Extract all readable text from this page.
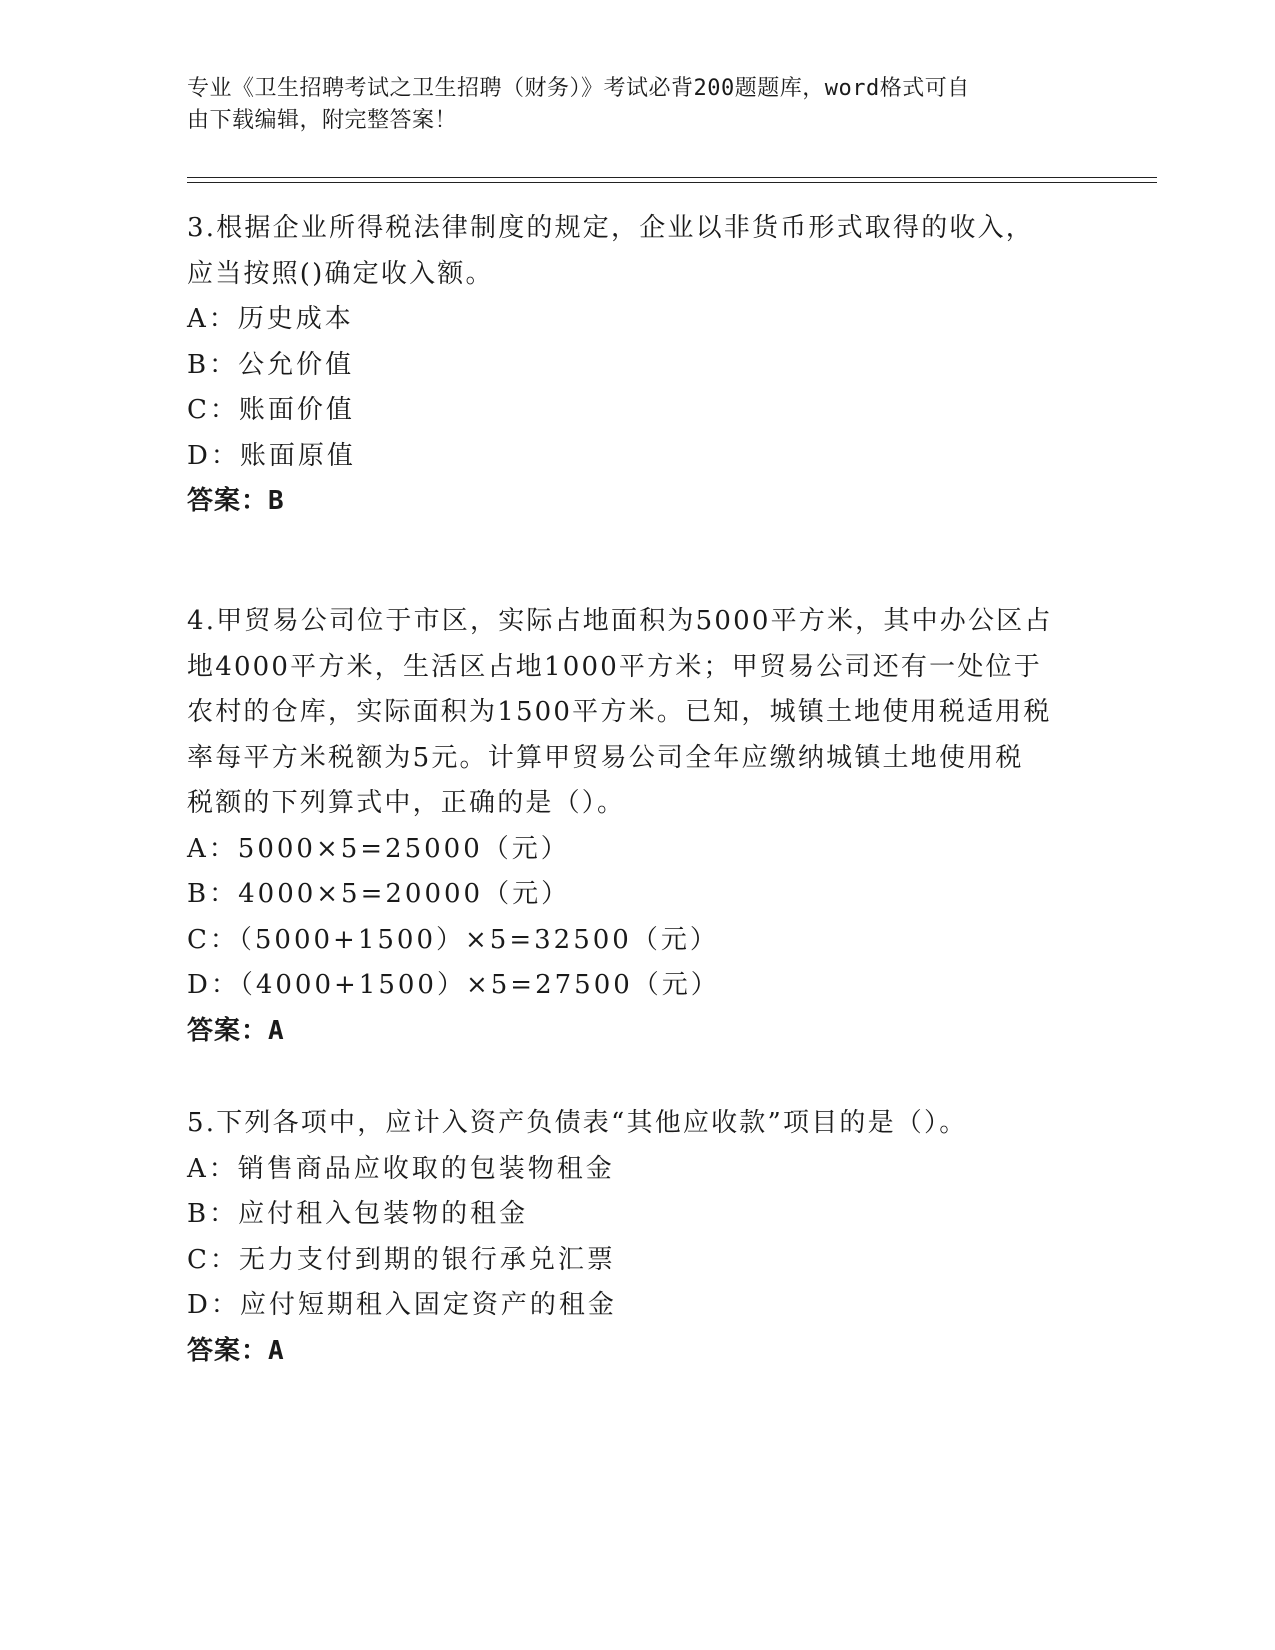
专业《卫生招聘考试之卫生招聘（财务）》考试必背200题题库，word格式可自
由下载编辑，附完整答案！

3.根据企业所得税法律制度的规定，企业以非货币形式取得的收入，

应当按照()确定收入额。

A：历史成本

B：公允价值

C：账面价值

D：账面原值

答案：B

4.甲贸易公司位于市区，实际占地面积为5000平方米，其中办公区占

地4000平方米，生活区占地1000平方米；甲贸易公司还有一处位于

农村的仓库，实际面积为1500平方米。已知，城镇土地使用税适用税

率每平方米税额为5元。计算甲贸易公司全年应缴纳城镇土地使用税

税额的下列算式中，正确的是（）。

A：5000×5=25000（元）

B：4000×5=20000（元）

C：（5000+1500）×5=32500（元）

D：（4000+1500）×5=27500（元）

答案：A

5.下列各项中，应计入资产负债表“其他应收款”项目的是（）。

A：销售商品应收取的包装物租金

B：应付租入包装物的租金

C：无力支付到期的银行承兑汇票

D：应付短期租入固定资产的租金

答案：A
